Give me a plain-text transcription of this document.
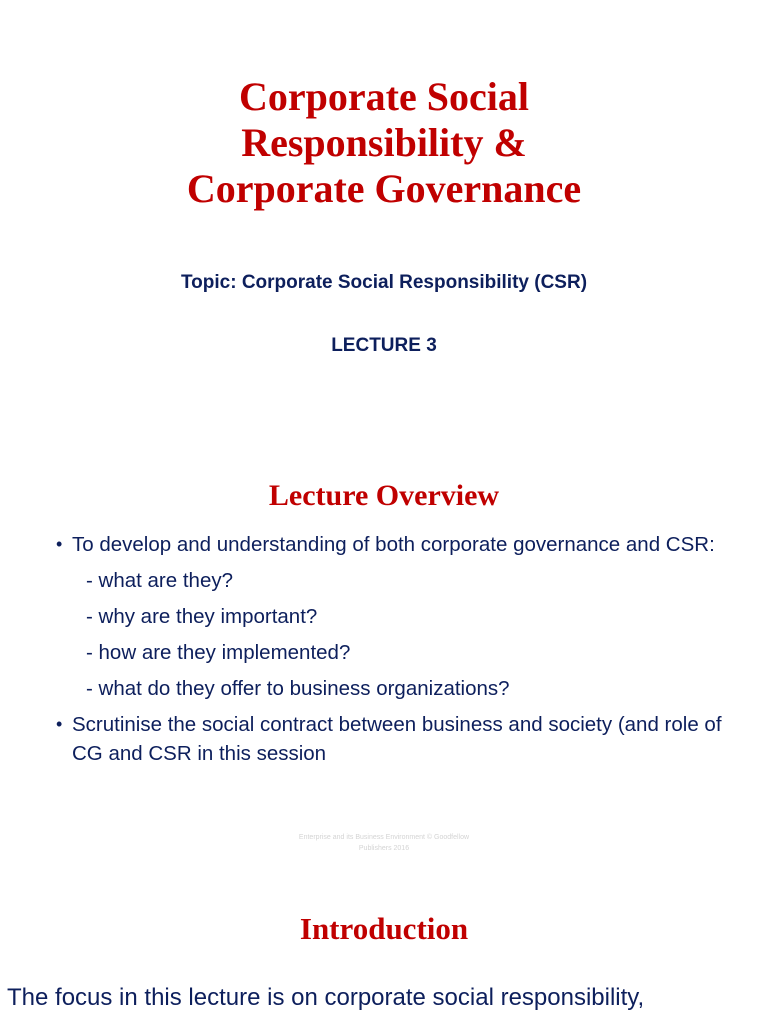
Corporate Social
Responsibility &
Corporate Governance
Topic: Corporate Social Responsibility (CSR)
LECTURE 3
Lecture Overview
• To develop and understanding of both corporate governance and CSR:
- what are they?
- why are they important?
- how are they implemented?
- what do they offer to business organizations?
• Scrutinise the social contract between business and society (and role of CG and CSR in this session
Enterprise and its Business Environment © Goodfellow
Publishers 2016
Introduction

The focus in this lecture is on corporate social responsibility,
